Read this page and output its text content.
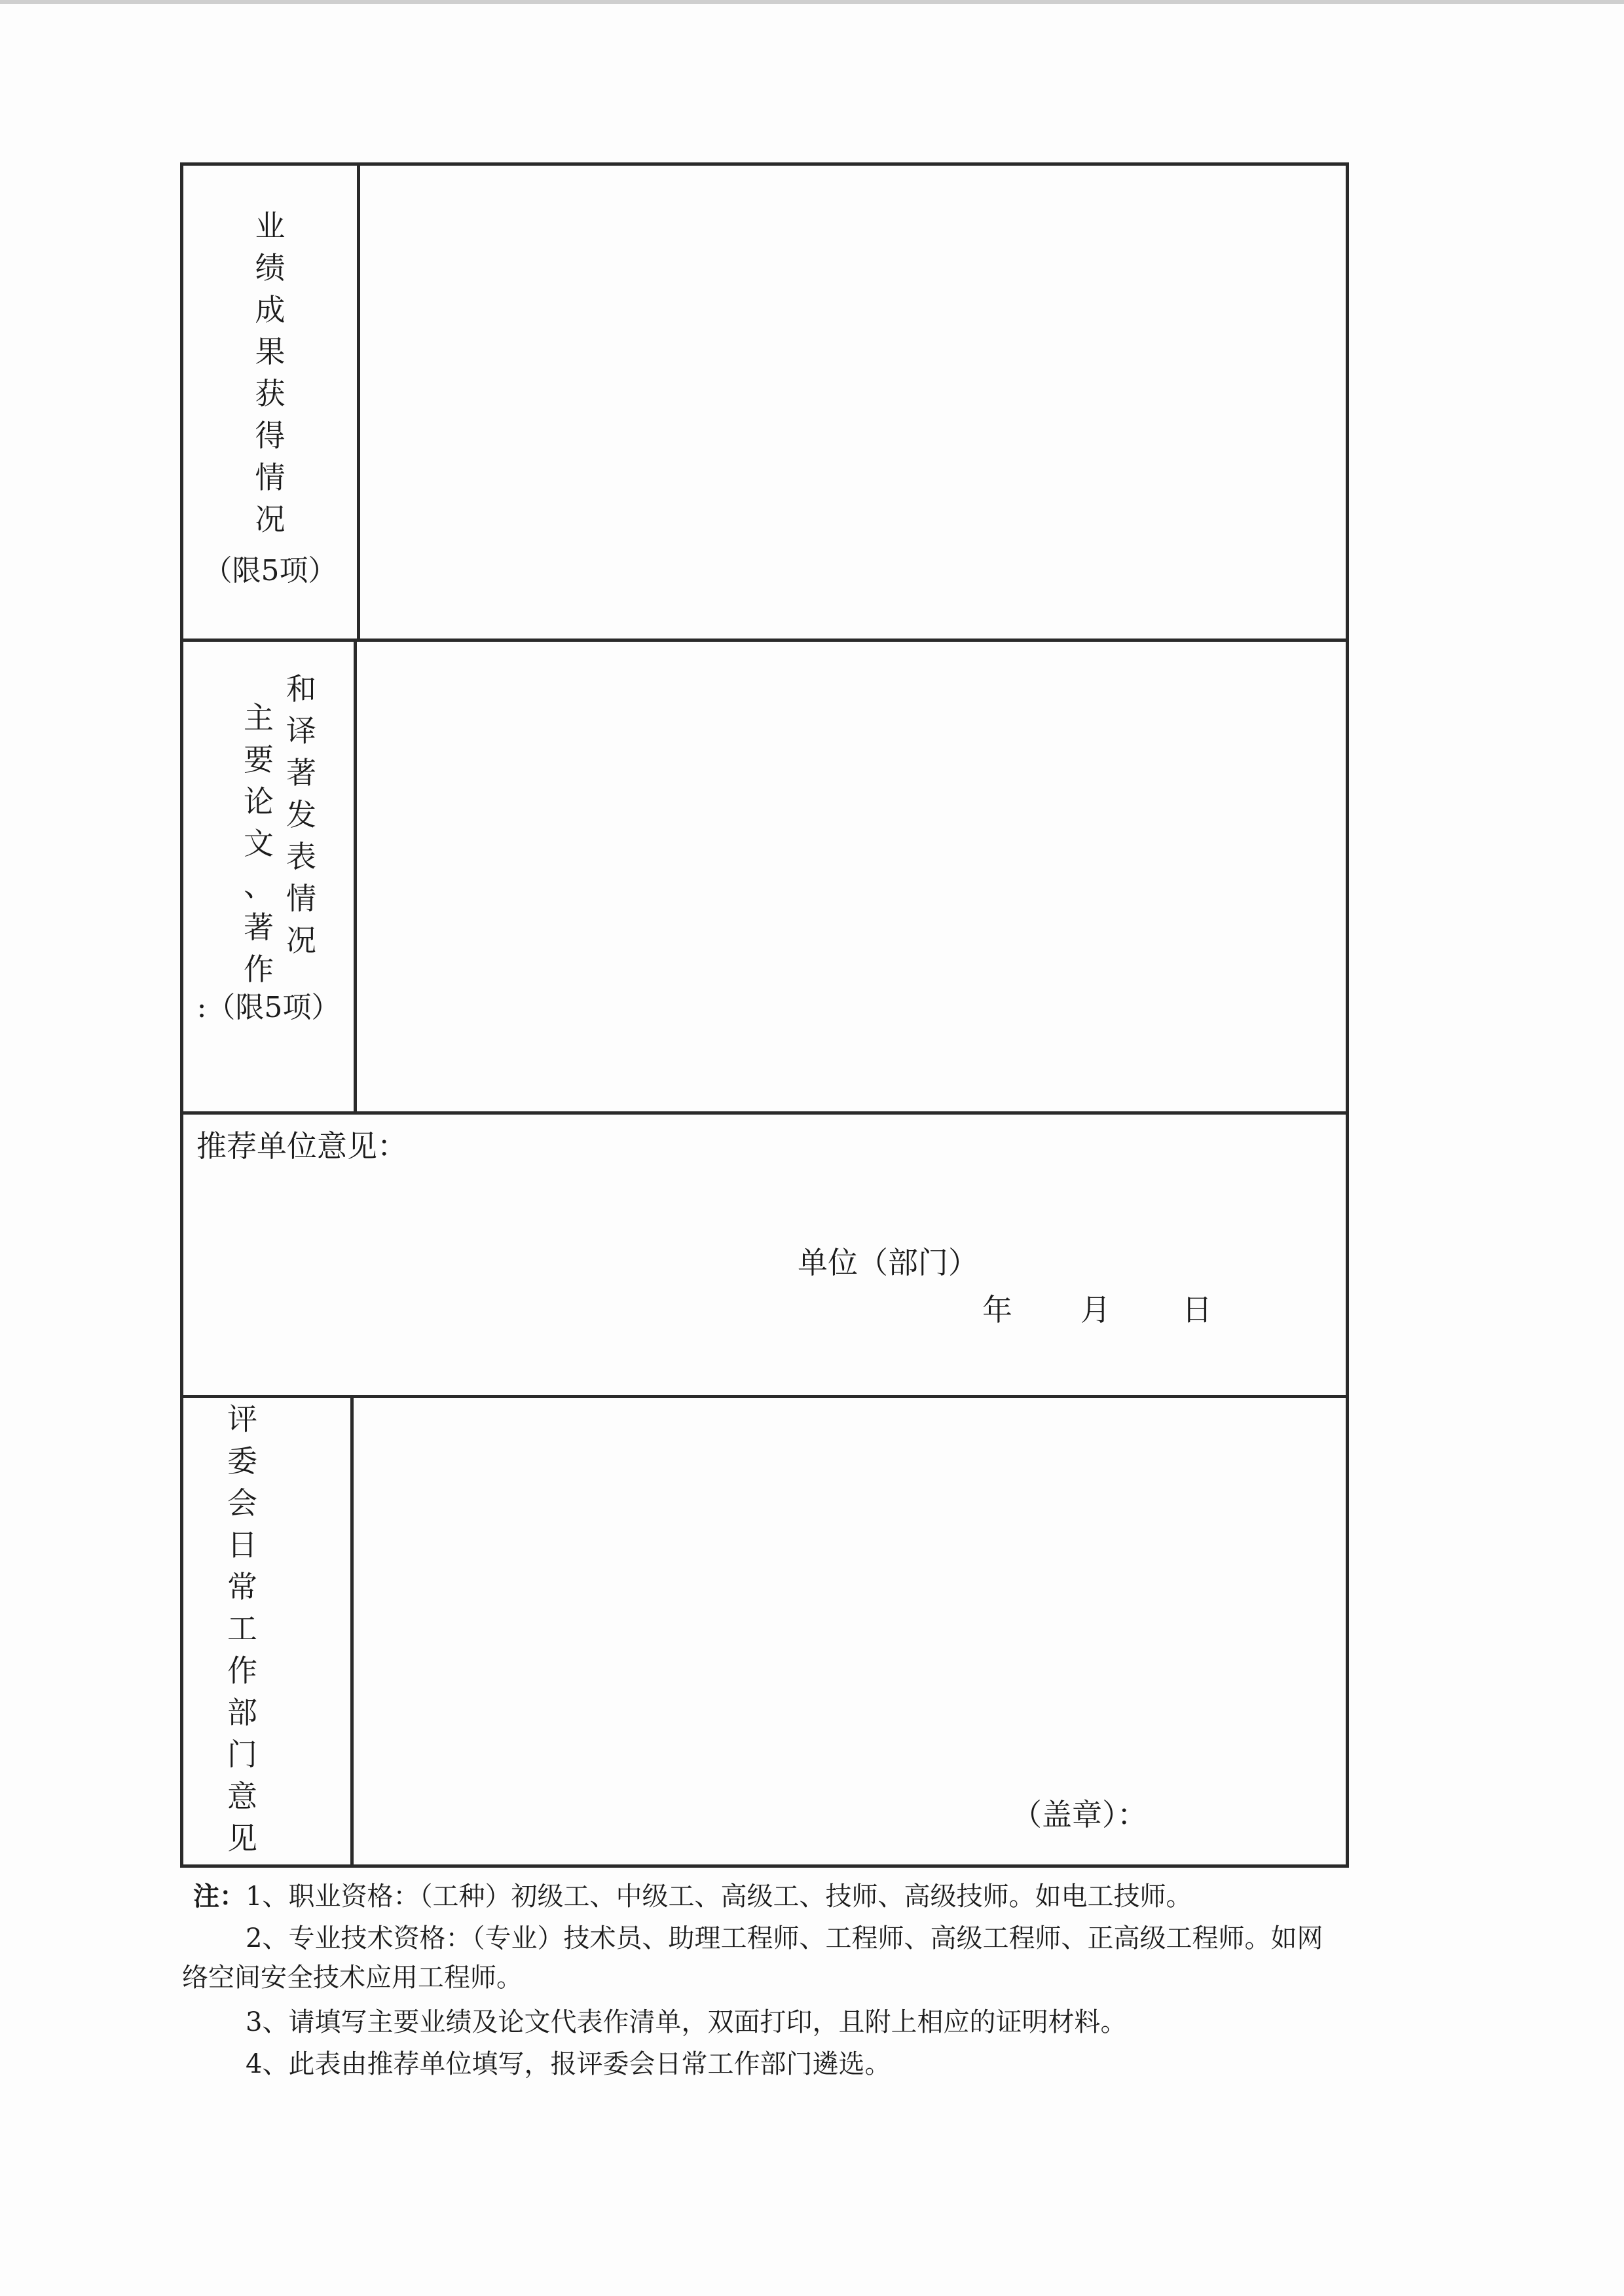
业
绩
成
果
获
得
情
况
（限5项）
主
要
论
文
、
著
作
和
译
著
发
表
情
况
:（限5项）
推荐单位意见：
单位（部门）
年 月 日
评
委
会
日
常
工
作
部
门
意
见
（盖章）：
注：1、职业资格：（工种）初级工、中级工、高级工、技师、高级技师。如电工技师。
2、专业技术资格：（专业）技术员、助理工程师、工程师、高级工程师、正高级工程师。如网
络空间安全技术应用工程师。
3、请填写主要业绩及论文代表作清单，双面打印，且附上相应的证明材料。
4、此表由推荐单位填写，报评委会日常工作部门遴选。
